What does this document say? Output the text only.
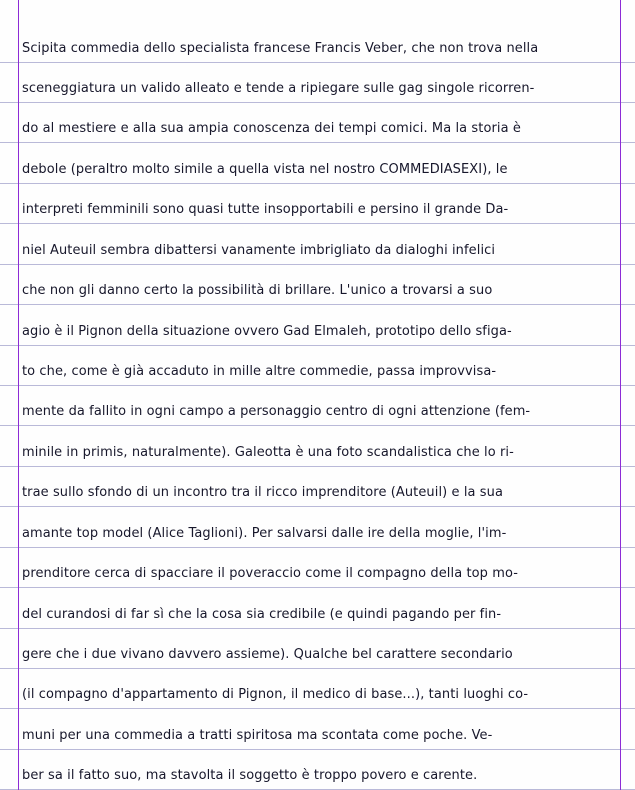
Scipita commedia dello specialista francese Francis Veber, che non trova nella
sceneggiatura un valido alleato e tende a ripiegare sulle gag singole ricorren-
do al mestiere e alla sua ampia conoscenza dei tempi comici. Ma la storia è
debole (peraltro molto simile a quella vista nel nostro COMMEDIASEXI), le
interpreti femminili sono quasi tutte insopportabili e persino il grande Da-
niel Auteuil sembra dibattersi vanamente imbrigliato da dialoghi infelici
che non gli danno certo la possibilità di brillare. L'unico a trovarsi a suo
agio è il Pignon della situazione ovvero Gad Elmaleh, prototipo dello sfiga-
to che, come è già accaduto in mille altre commedie, passa improvvisa-
mente da fallito in ogni campo a personaggio centro di ogni attenzione (fem-
minile in primis, naturalmente). Galeotta è una foto scandalistica che lo ri-
trae sullo sfondo di un incontro tra il ricco imprenditore (Auteuil) e la sua
amante top model (Alice Taglioni). Per salvarsi dalle ire della moglie, l'im-
prenditore cerca di spacciare il poveraccio come il compagno della top mo-
del curandosi di far sì che la cosa sia credibile (e quindi pagando per fin-
gere che i due vivano davvero assieme). Qualche bel carattere secondario
(il compagno d'appartamento di Pignon, il medico di base...), tanti luoghi co-
muni per una commedia a tratti spiritosa ma scontata come poche. Ve-
ber sa il fatto suo, ma stavolta il soggetto è troppo povero e carente.
